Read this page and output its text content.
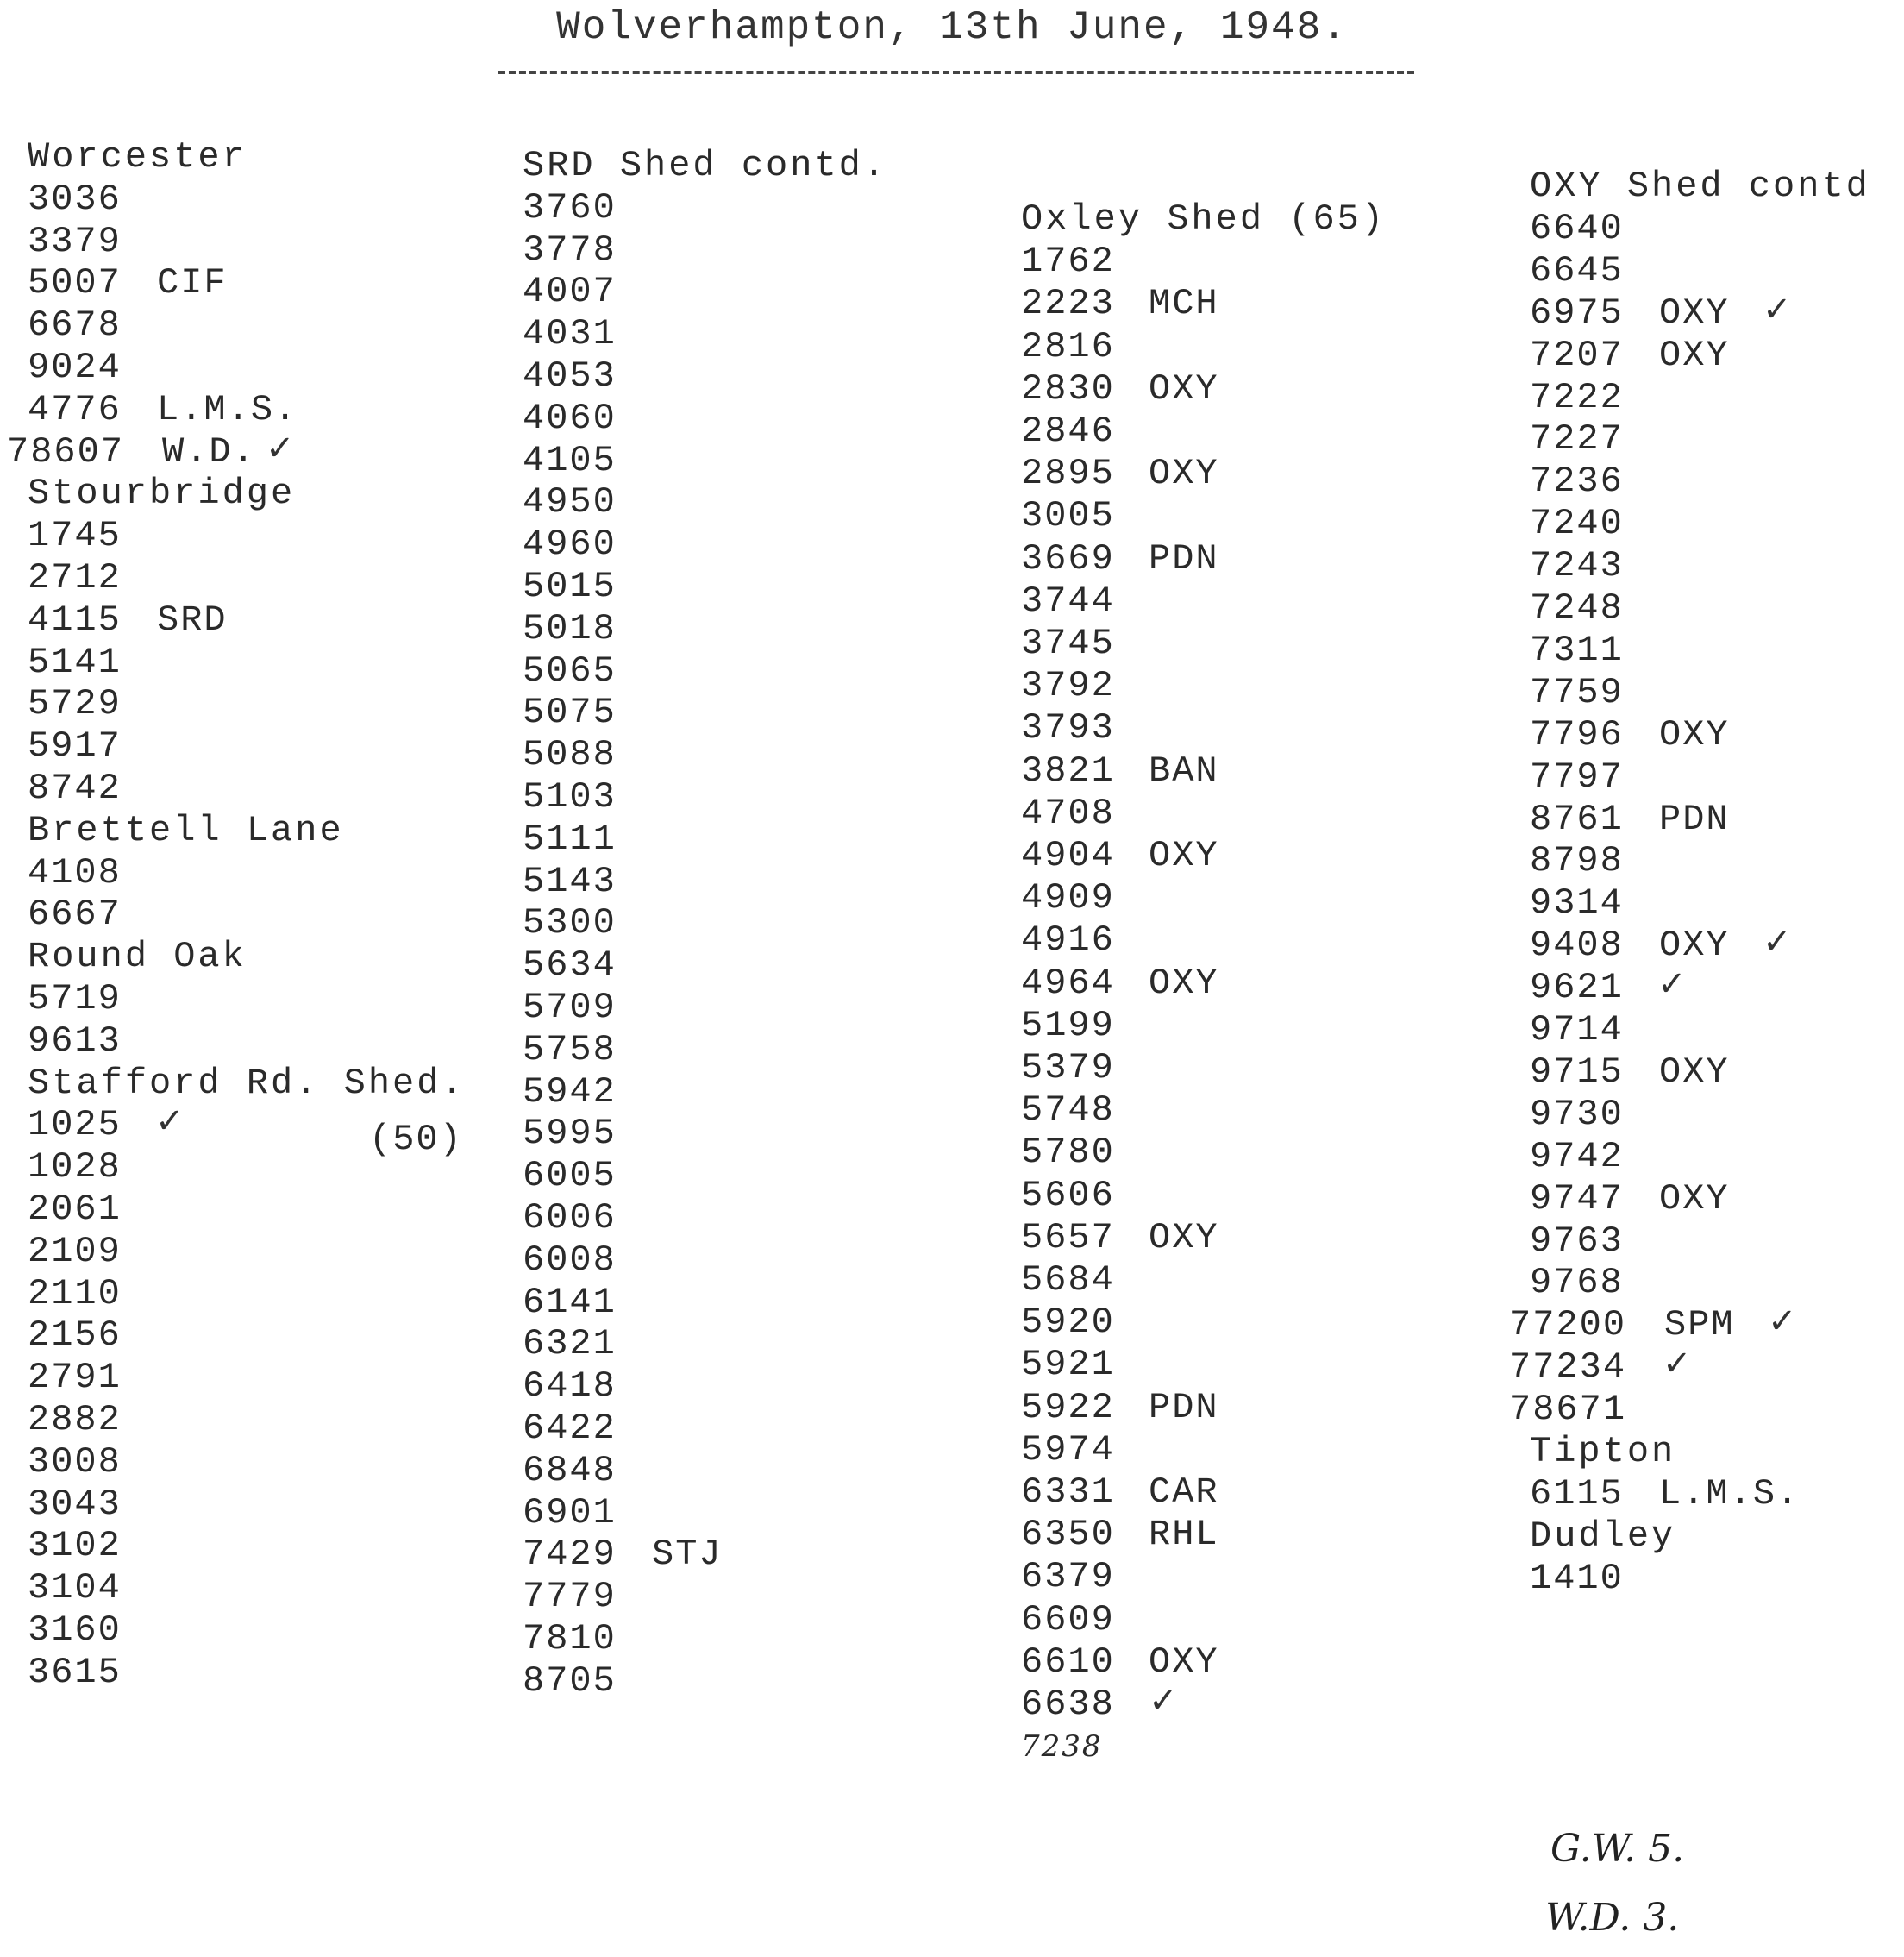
Wolverhampton, 13th June, 1948.
Worcester
3036
3379
5007 CIF
6678
9024
4776 L.M.S.
78607 W.D. ✓
Stourbridge
1745
2712
4115 SRD
5141
5729
5917
8742
Brettell Lane
4108
6667
Round Oak
5719
9613
Stafford Rd. Shed.
1025 ✓
1028
2061
2109
2110
2156
2791
2882
3008
3043
3102
3104
3160
3615
SRD Shed contd.
3760
3778
4007
4031
4053
4060
4105
4950
4960
5015
5018
5065
5075
5088
5103
5111
5143
5300
5634
5709
5758
5942
5995
6005
6006
6008
6141
6321
6418
6422
6848
6901
7429 STJ
7779
7810
8705
Oxley Shed (65)
1762
2223 MCH
2816
2830 OXY
2846
2895 OXY
3005
3669 PDN
3744
3745
3792
3793
3821 BAN
4708
4904 OXY
4909
4916
4964 OXY
5199
5379
5748
5780
5606
5657 OXY
5684
5920
5921
5922 PDN
5974
6331 CAR
6350 RHL
6379
6609
6610 OXY
6638 ✓
7238
OXY Shed contd
6640
6645
6975 OXY ✓
7207 OXY
7222
7227
7236
7240
7243
7248
7311
7759
7796 OXY
7797
8761 PDN
8798
9314
9408 OXY ✓
9621 ✓
9714
9715 OXY
9730
9742
9747 OXY
9763
9768
77200 SPM ✓
77234 ✓
78671
Tipton
6115 L.M.S.
Dudley
1410
(50)
G.W. 5.
W.D. 3.
